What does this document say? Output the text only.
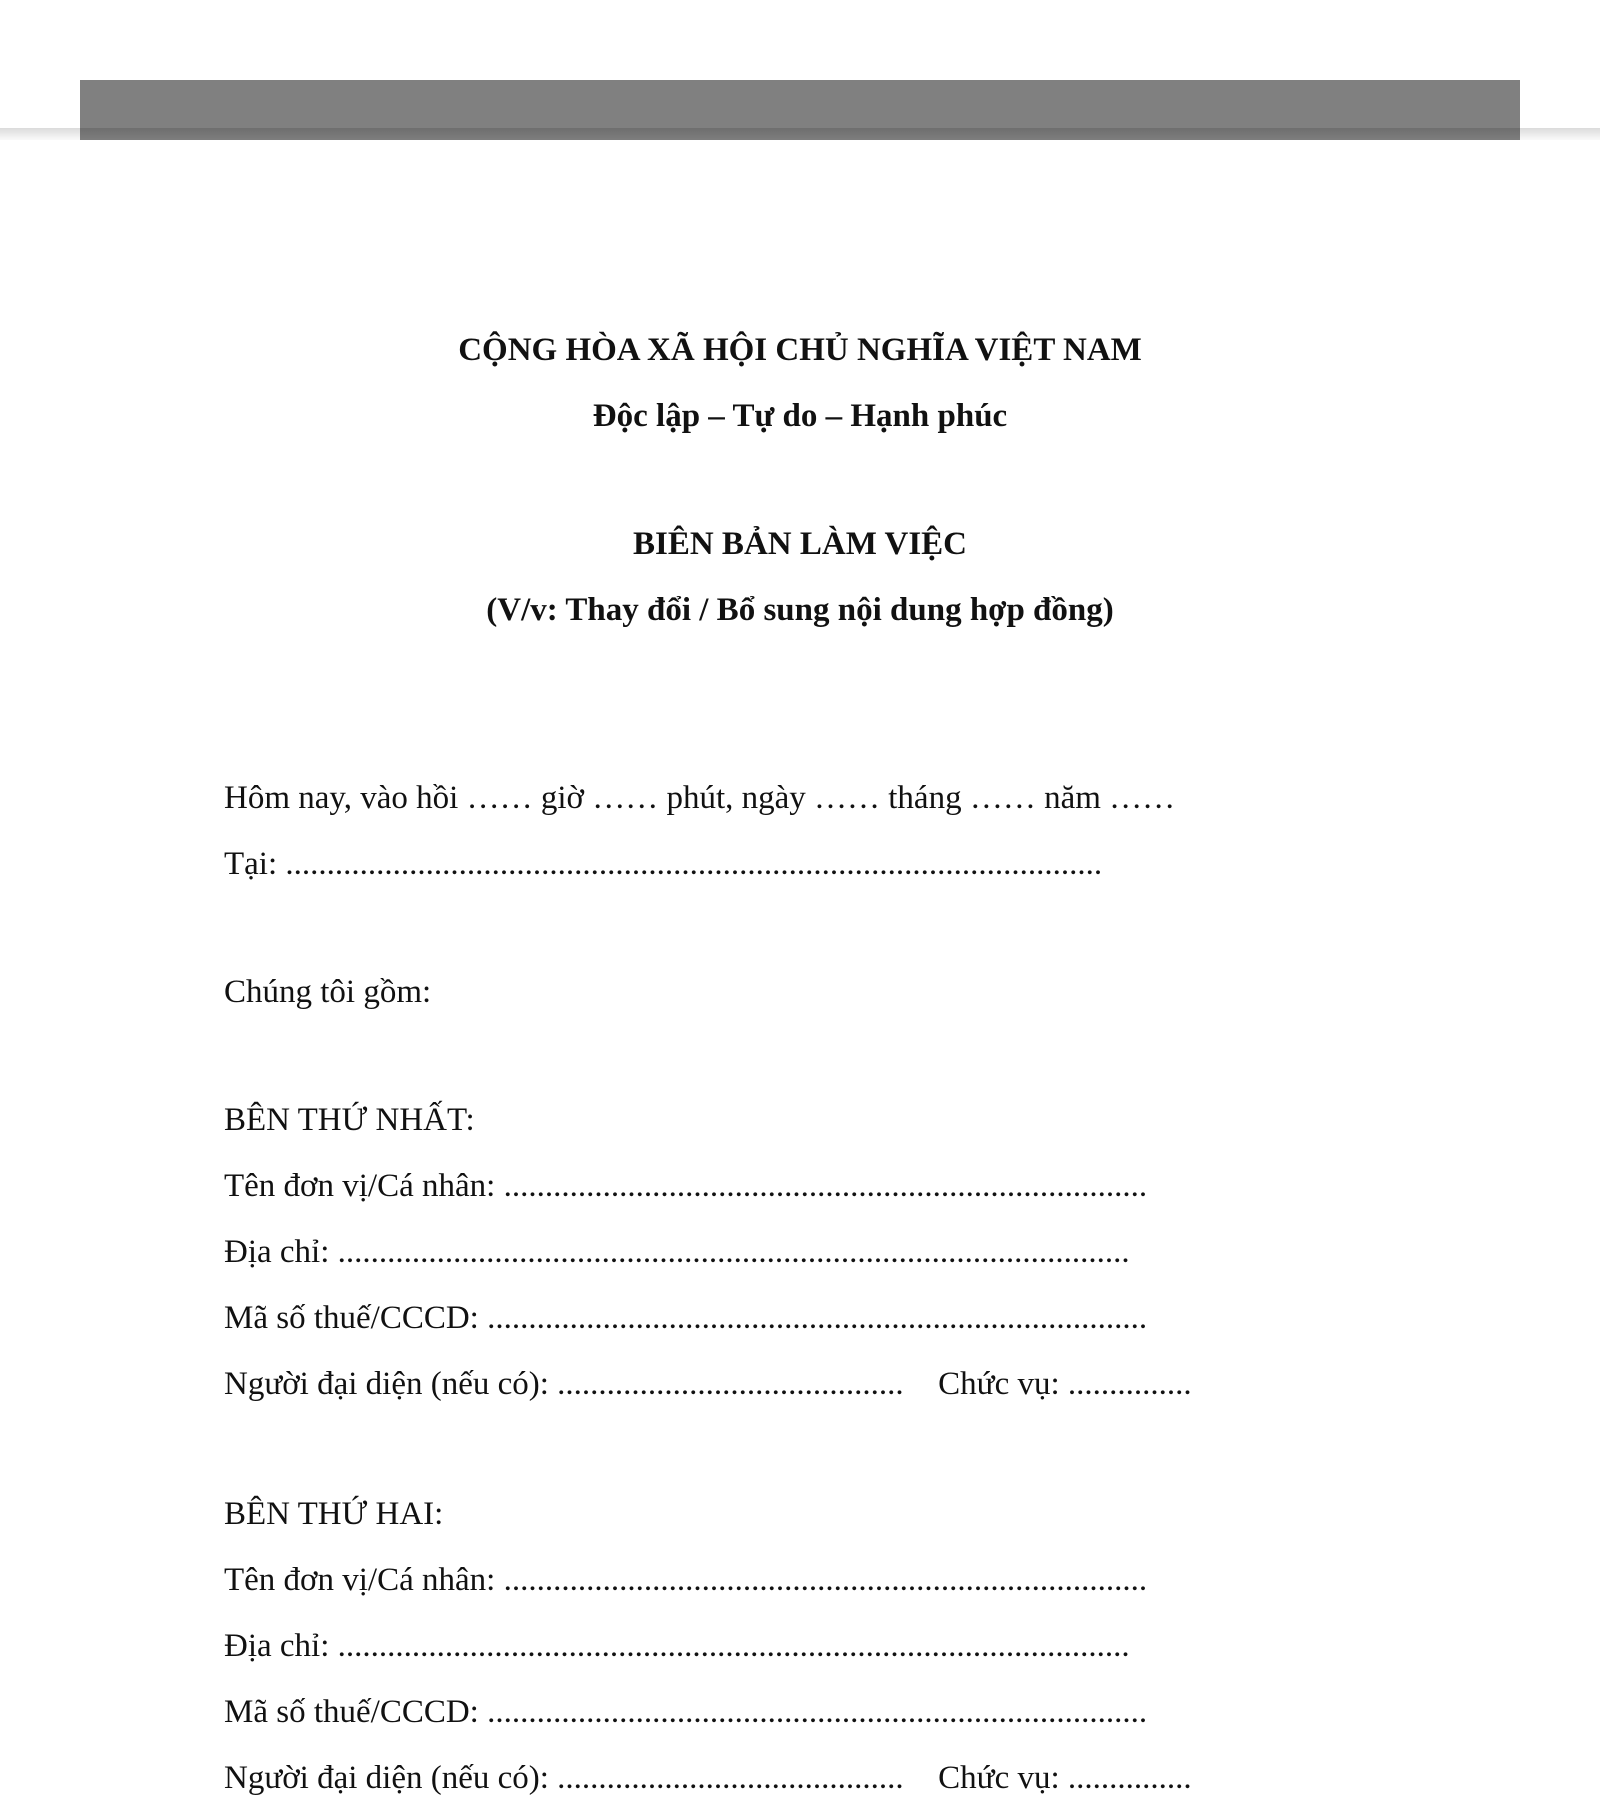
CỘNG HÒA XÃ HỘI CHỦ NGHĨA VIỆT NAM
Độc lập – Tự do – Hạnh phúc
BIÊN BẢN LÀM VIỆC
(V/v: Thay đổi / Bổ sung nội dung hợp đồng)
Hôm nay, vào hồi …… giờ …… phút, ngày …… tháng …… năm ……
Tại: ...................................................................................................
Chúng tôi gồm:
BÊN THỨ NHẤT:
Tên đơn vị/Cá nhân: ..............................................................................
Địa chỉ: ................................................................................................
Mã số thuế/CCCD: ................................................................................
Người đại diện (nếu có): .......................................... Chức vụ: ...............
BÊN THỨ HAI:
Tên đơn vị/Cá nhân: ..............................................................................
Địa chỉ: ................................................................................................
Mã số thuế/CCCD: ................................................................................
Người đại diện (nếu có): .......................................... Chức vụ: ...............
